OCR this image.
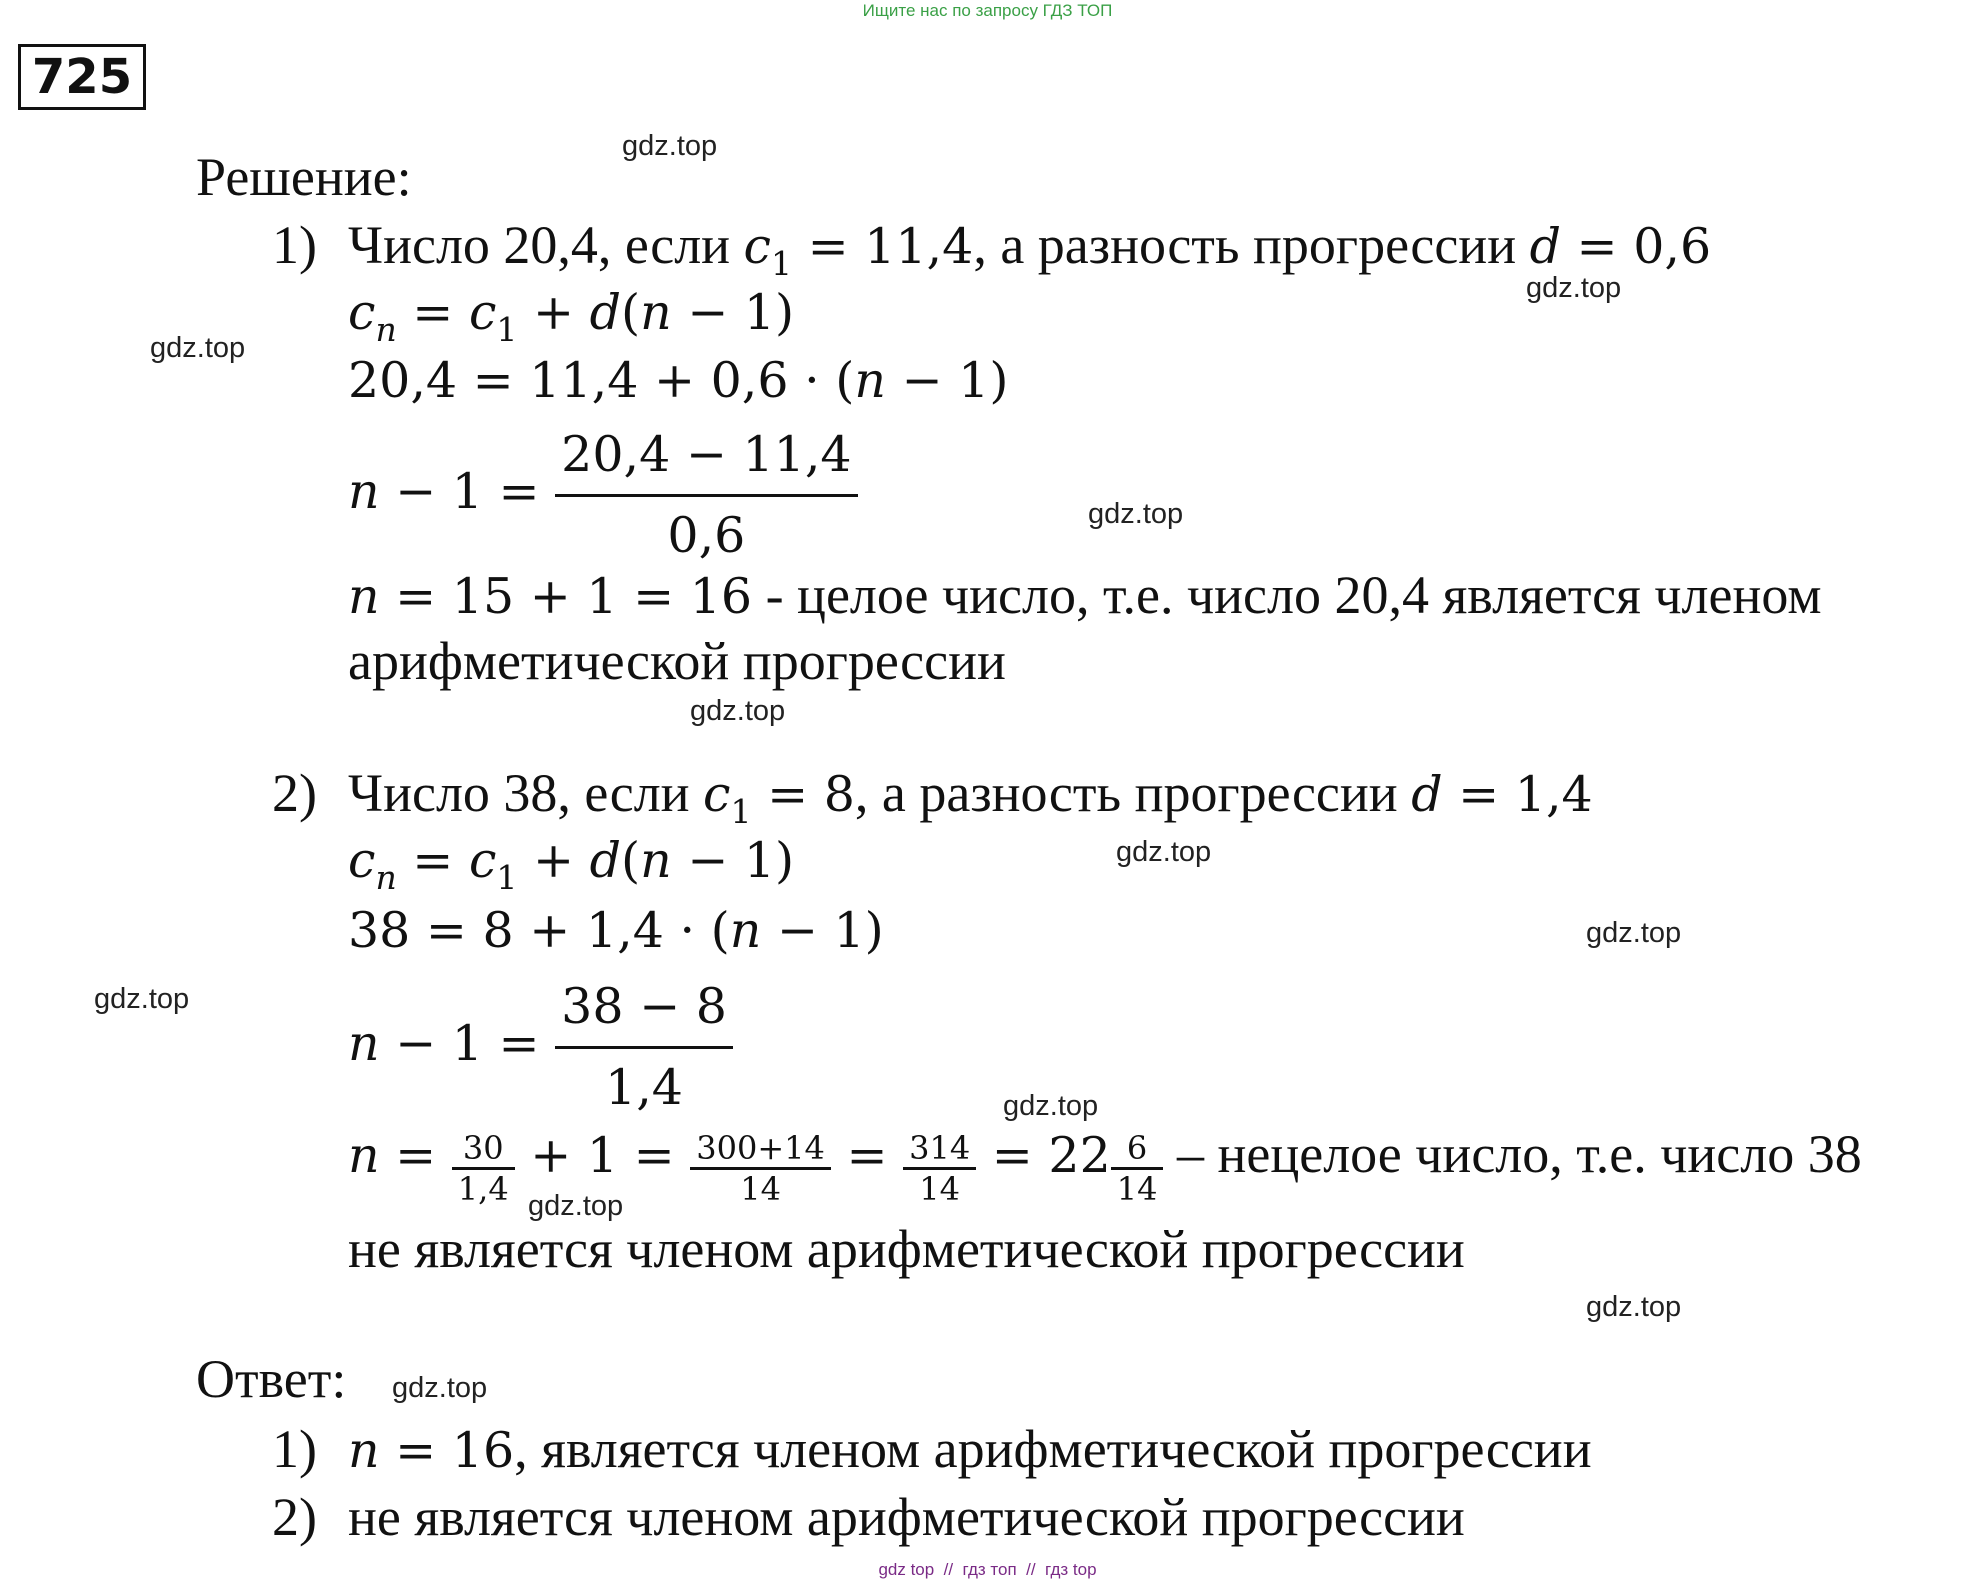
Ищите нас по запросу ГДЗ ТОП
725
gdz.top
gdz.top
gdz.top
gdz.top
gdz.top
gdz.top
gdz.top
gdz.top
gdz.top
gdz.top
gdz.top
gdz.top
Решение:
1) Число 20,4, если $c_1 = 11,4$, а разность прогрессии d = 0,6
$c_n = c_1 + d(n - 1)$
20,4 = 11,4 + 0,6 · (n − 1)
$n - 1 = \frac{20,4 - 11,4}{0,6}$
n = 15 + 1 = 16 - целое число, т.е. число 20,4 является членом
арифметической прогрессии
2) Число 38, если $c_1 = 8$, а разность прогрессии d = 1,4
$c_n = c_1 + d(n - 1)$
38 = 8 + 1,4 · (n − 1)
$n - 1 = \frac{38 - 8}{1,4}$
$n = \frac{30}{1,4} + 1 = \frac{300+14}{14} = \frac{314}{14} = 22 \frac{6}{14}$ – нецелое число, т.е. число 38
не является членом арифметической прогрессии
Ответ:
1) n = 16, является членом арифметической прогрессии
2) не является членом арифметической прогрессии
gdz top  //  гдз топ  //  гдз top
